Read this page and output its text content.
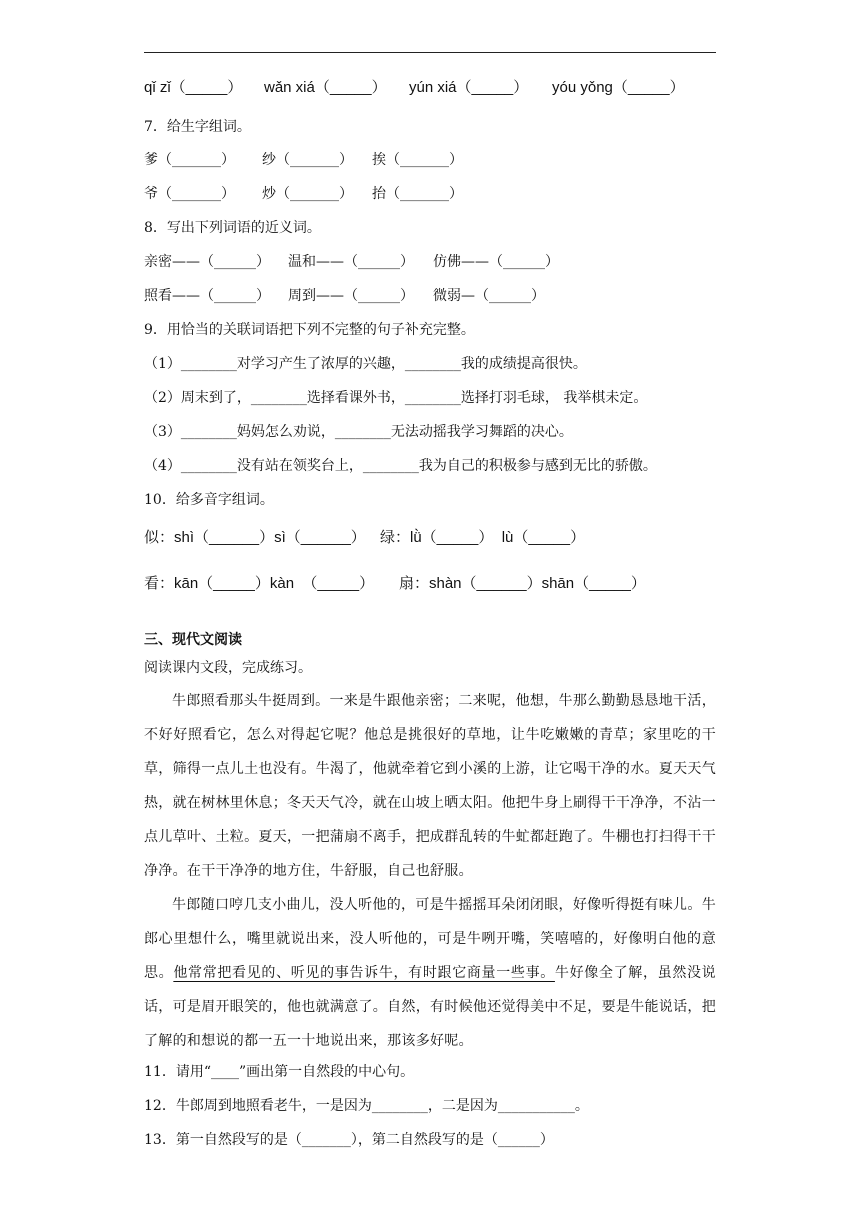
qǐ zǐ（_____） wǎn xiá（_____） yún xiá（_____） yóu yǒng（_____）
7．给生字组词。
爹（_______） 纱（_______） 挨（_______）
爷（_______） 炒（_______） 抬（_______）
8．写出下列词语的近义词。
亲密——（______） 温和——（______） 仿佛——（______）
照看——（______） 周到——（______） 微弱—（______）
9．用恰当的关联词语把下列不完整的句子补充完整。
（1）________对学习产生了浓厚的兴趣，________我的成绩提高很快。
（2）周末到了，________选择看课外书，________选择打羽毛球， 我举棋未定。
（3）________妈妈怎么劝说，________无法动摇我学习舞蹈的决心。
（4）________没有站在领奖台上，________我为自己的积极参与感到无比的骄傲。
10．给多音字组词。
似：shì（______）sì（______） 绿：lǜ（_____）  lù（_____）
看：kān（_____）kàn  （_____） 扇：shàn（______）shān（_____）
三、现代文阅读
阅读课内文段，完成练习。
牛郎照看那头牛挺周到。一来是牛跟他亲密；二来呢，他想，牛那么勤勤恳恳地干活，不好好照看它，怎么对得起它呢？他总是挑很好的草地，让牛吃嫩嫩的青草；家里吃的干草，筛得一点儿土也没有。牛渴了，他就牵着它到小溪的上游，让它喝干净的水。夏天天气热，就在树林里休息；冬天天气冷，就在山坡上晒太阳。他把牛身上刷得干干净净，不沾一点儿草叶、土粒。夏天，一把蒲扇不离手，把成群乱转的牛虻都赶跑了。牛棚也打扫得干干净净。在干干净净的地方住，牛舒服，自己也舒服。
牛郎随口哼几支小曲儿，没人听他的，可是牛摇摇耳朵闭闭眼，好像听得挺有味儿。牛郎心里想什么，嘴里就说出来，没人听他的，可是牛咧开嘴，笑嘻嘻的，好像明白他的意思。他常常把看见的、听见的事告诉牛，有时跟它商量一些事。牛好像全了解，虽然没说话，可是眉开眼笑的，他也就满意了。自然，有时候他还觉得美中不足，要是牛能说话，把了解的和想说的都一五一十地说出来，那该多好呢。
11．请用“____”画出第一自然段的中心句。
12．牛郎周到地照看老牛，一是因为________，二是因为___________。
13．第一自然段写的是（_______），第二自然段写的是（______）
